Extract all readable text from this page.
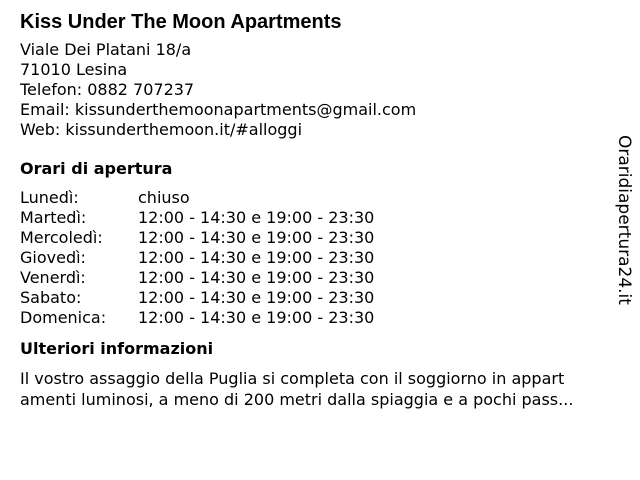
Kiss Under The Moon Apartments
Viale Dei Platani 18/a
71010 Lesina
Telefon: 0882 707237
Email: kissunderthemoonapartments@gmail.com
Web: kissunderthemoon.it/#alloggi
Orari di apertura
Lunedì:	chiuso
Martedì:	12:00 - 14:30 e 19:00 - 23:30
Mercoledì:	12:00 - 14:30 e 19:00 - 23:30
Giovedì:	12:00 - 14:30 e 19:00 - 23:30
Venerdì:	12:00 - 14:30 e 19:00 - 23:30
Sabato:	12:00 - 14:30 e 19:00 - 23:30
Domenica:	12:00 - 14:30 e 19:00 - 23:30
Ulteriori informazioni
Il vostro assaggio della Puglia si completa con il soggiorno in appart
amenti luminosi, a meno di 200 metri dalla spiaggia e a pochi pass...
Oraridiapertura24.it
